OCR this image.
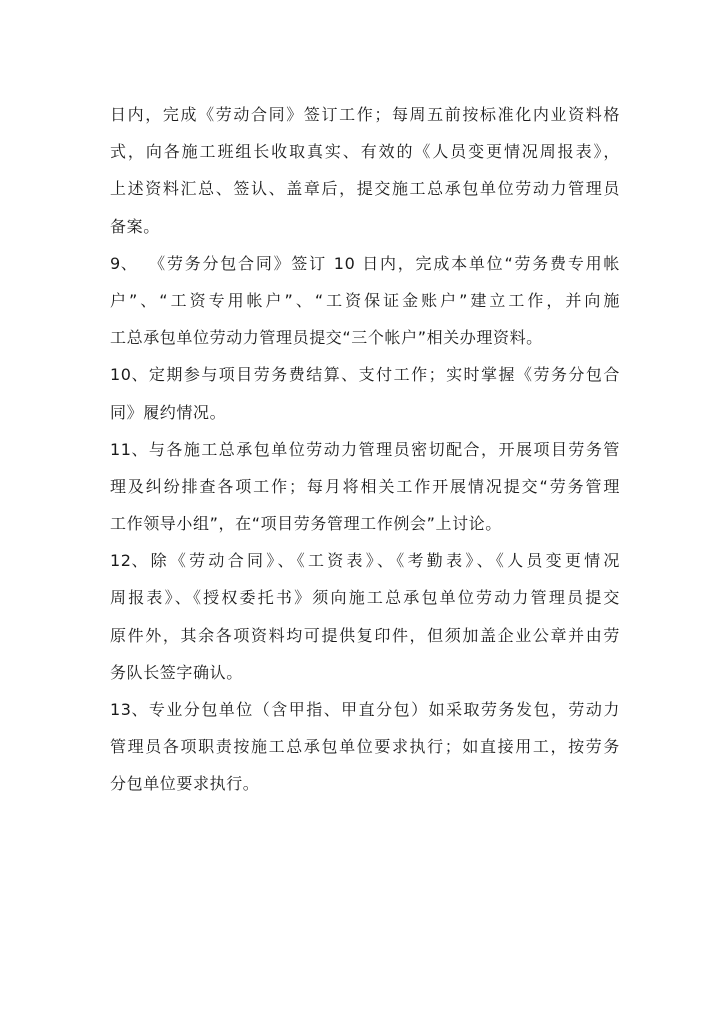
日内，完成《劳动合同》签订工作；每周五前按标准化内业资料格
式，向各施工班组长收取真实、有效的《人员变更情况周报表》，
上述资料汇总、签认、盖章后，提交施工总承包单位劳动力管理员
备案。
9、 《劳务分包合同》签订 10 日内，完成本单位“劳务费专用帐
户”、“工资专用帐户”、“工资保证金账户”建立工作，并向施
工总承包单位劳动力管理员提交“三个帐户”相关办理资料。
10、定期参与项目劳务费结算、支付工作；实时掌握《劳务分包合
同》履约情况。
11、与各施工总承包单位劳动力管理员密切配合，开展项目劳务管
理及纠纷排查各项工作；每月将相关工作开展情况提交“劳务管理
工作领导小组”，在“项目劳务管理工作例会”上讨论。
12、除《劳动合同》、《工资表》、《考勤表》、《人员变更情况
周报表》、《授权委托书》须向施工总承包单位劳动力管理员提交
原件外，其余各项资料均可提供复印件，但须加盖企业公章并由劳
务队长签字确认。
13、专业分包单位（含甲指、甲直分包）如采取劳务发包，劳动力
管理员各项职责按施工总承包单位要求执行；如直接用工，按劳务
分包单位要求执行。
